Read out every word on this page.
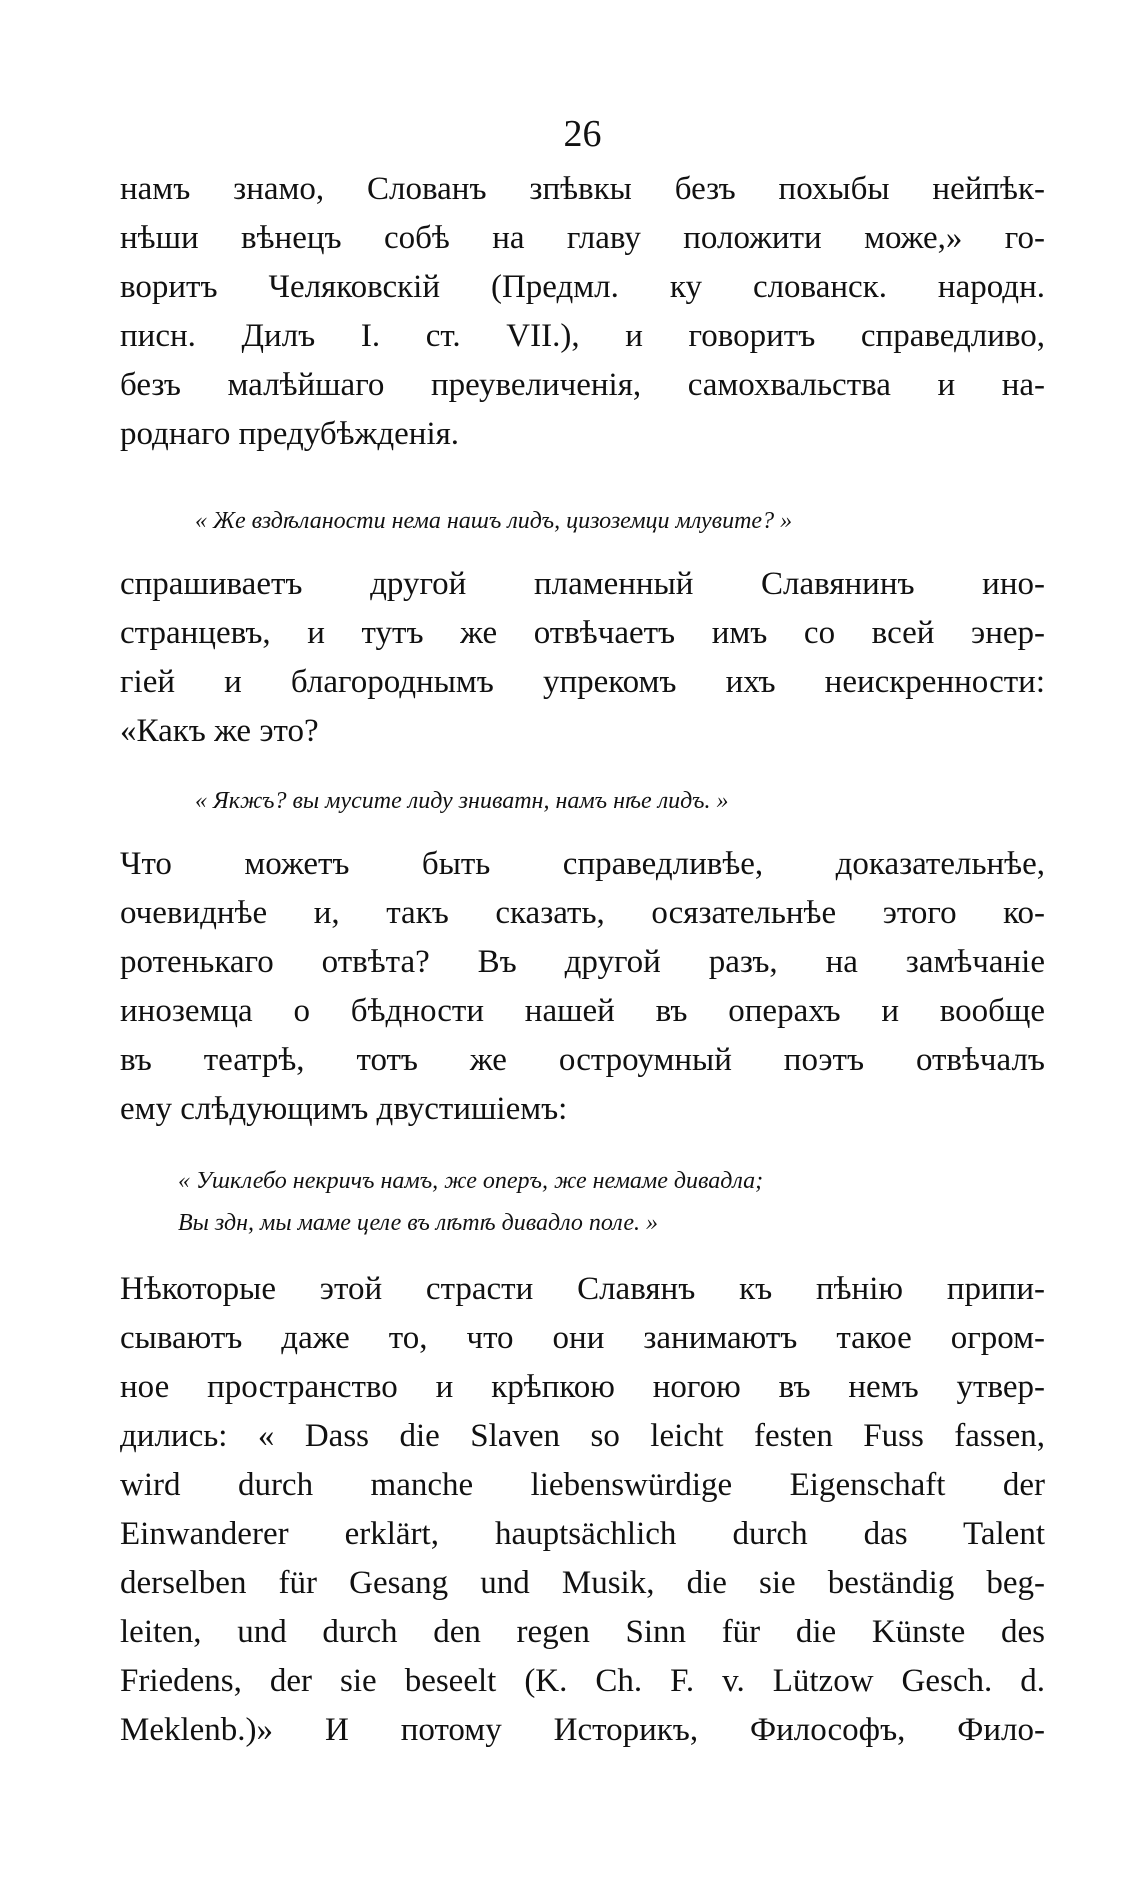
26
намъ знамо, Слованъ зпѣвкы безъ похыбы нейпѣк-
нѣши вѣнецъ собѣ на главу положити може,» го-
воритъ Челяковскій (Предмл. ку слованск. народн.
писн. Дилъ I. ст. VII.), и говоритъ справедливо,
безъ малѣйшаго преувеличенія, самохвальства и на-
роднаго предубѣжденія.
« Же вздѣланости нема нашъ лидъ, цизоземци млувите? »
спрашиваетъ другой пламенный Славянинъ ино-
странцевъ, и тутъ же отвѣчаетъ имъ со всей энер-
гіей и благороднымъ упрекомъ ихъ неискренности:
«Какъ же это?
« Якжъ? вы мусите лиду зниватн, намъ нѣе лидъ. »
Что можетъ быть справедливѣе, доказательнѣе,
очевиднѣе и, такъ сказать, осязательнѣе этого ко-
ротенькаго отвѣта? Въ другой разъ, на замѣчаніе
иноземца о бѣдности нашей въ операхъ и вообще
въ театрѣ, тотъ же остроумный поэтъ отвѣчалъ
ему слѣдующимъ двустишіемъ:
« Ушклебо некричъ намъ, же оперъ, же немаме дивадла;
Вы здн, мы маме целе въ лѣтѣ дивадло поле. »
Нѣкоторые этой страсти Славянъ къ пѣнію припи-
сываютъ даже то, что они занимаютъ такое огром-
ное пространство и крѣпкою ногою въ немъ утвер-
дились: « Dass die Slaven so leicht festen Fuss fassen,
wird durch manche liebenswürdige Eigenschaft der
Einwanderer erklärt, hauptsächlich durch das Talent
derselben für Gesang und Musik, die sie beständig beg-
leiten, und durch den regen Sinn für die Künste des
Friedens, der sie beseelt (K. Ch. F. v. Lützow Gesch. d.
Meklenb.)» И потому Историкъ, Философъ, Фило-
